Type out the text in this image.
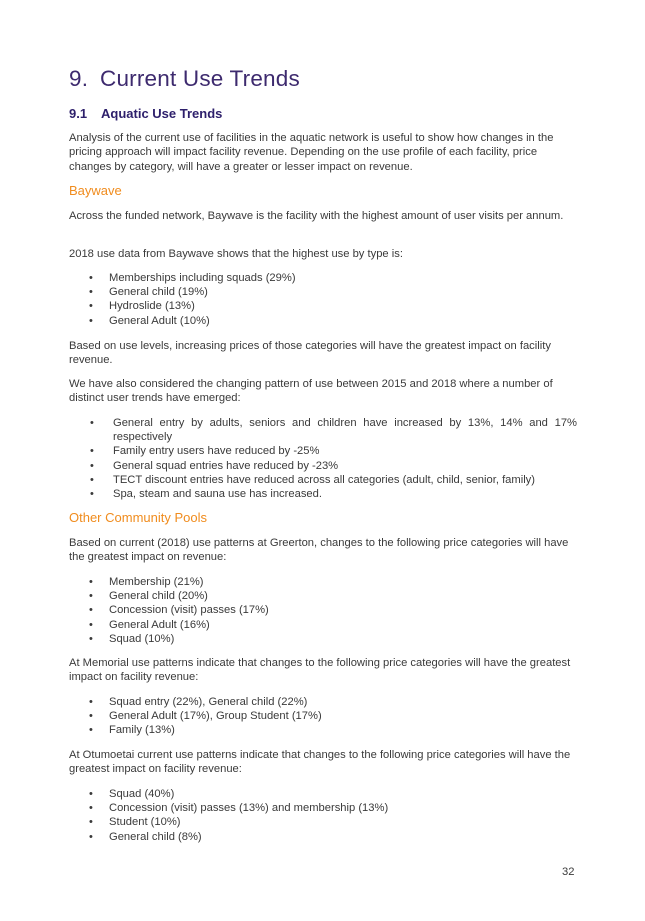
9. Current Use Trends
9.1 Aquatic Use Trends

Analysis of the current use of facilities in the aquatic network is useful to show how changes in the pricing approach will impact facility revenue. Depending on the use profile of each facility, price changes by category, will have a greater or lesser impact on revenue.

Baywave

Across the funded network, Baywave is the facility with the highest amount of user visits per annum.

2018 use data from Baywave shows that the highest use by type is:

• Memberships including squads (29%)
• General child (19%)
• Hydroslide (13%)
• General Adult (10%)

Based on use levels, increasing prices of those categories will have the greatest impact on facility revenue.

We have also considered the changing pattern of use between 2015 and 2018 where a number of distinct user trends have emerged:

• General entry by adults, seniors and children have increased by 13%, 14% and 17% respectively
• Family entry users have reduced by -25%
• General squad entries have reduced by -23%
• TECT discount entries have reduced across all categories (adult, child, senior, family)
• Spa, steam and sauna use has increased.
Other Community Pools

Based on current (2018) use patterns at Greerton, changes to the following price categories will have the greatest impact on revenue:

• Membership (21%)
• General child (20%)
• Concession (visit) passes (17%)
• General Adult (16%)
• Squad (10%)

At Memorial use patterns indicate that changes to the following price categories will have the greatest impact on facility revenue:

• Squad entry (22%), General child (22%)
• General Adult (17%), Group Student (17%)
• Family (13%)

At Otumoetai current use patterns indicate that changes to the following price categories will have the greatest impact on facility revenue:

• Squad (40%)
• Concession (visit) passes (13%) and membership (13%)
• Student (10%)
• General child (8%)
32
